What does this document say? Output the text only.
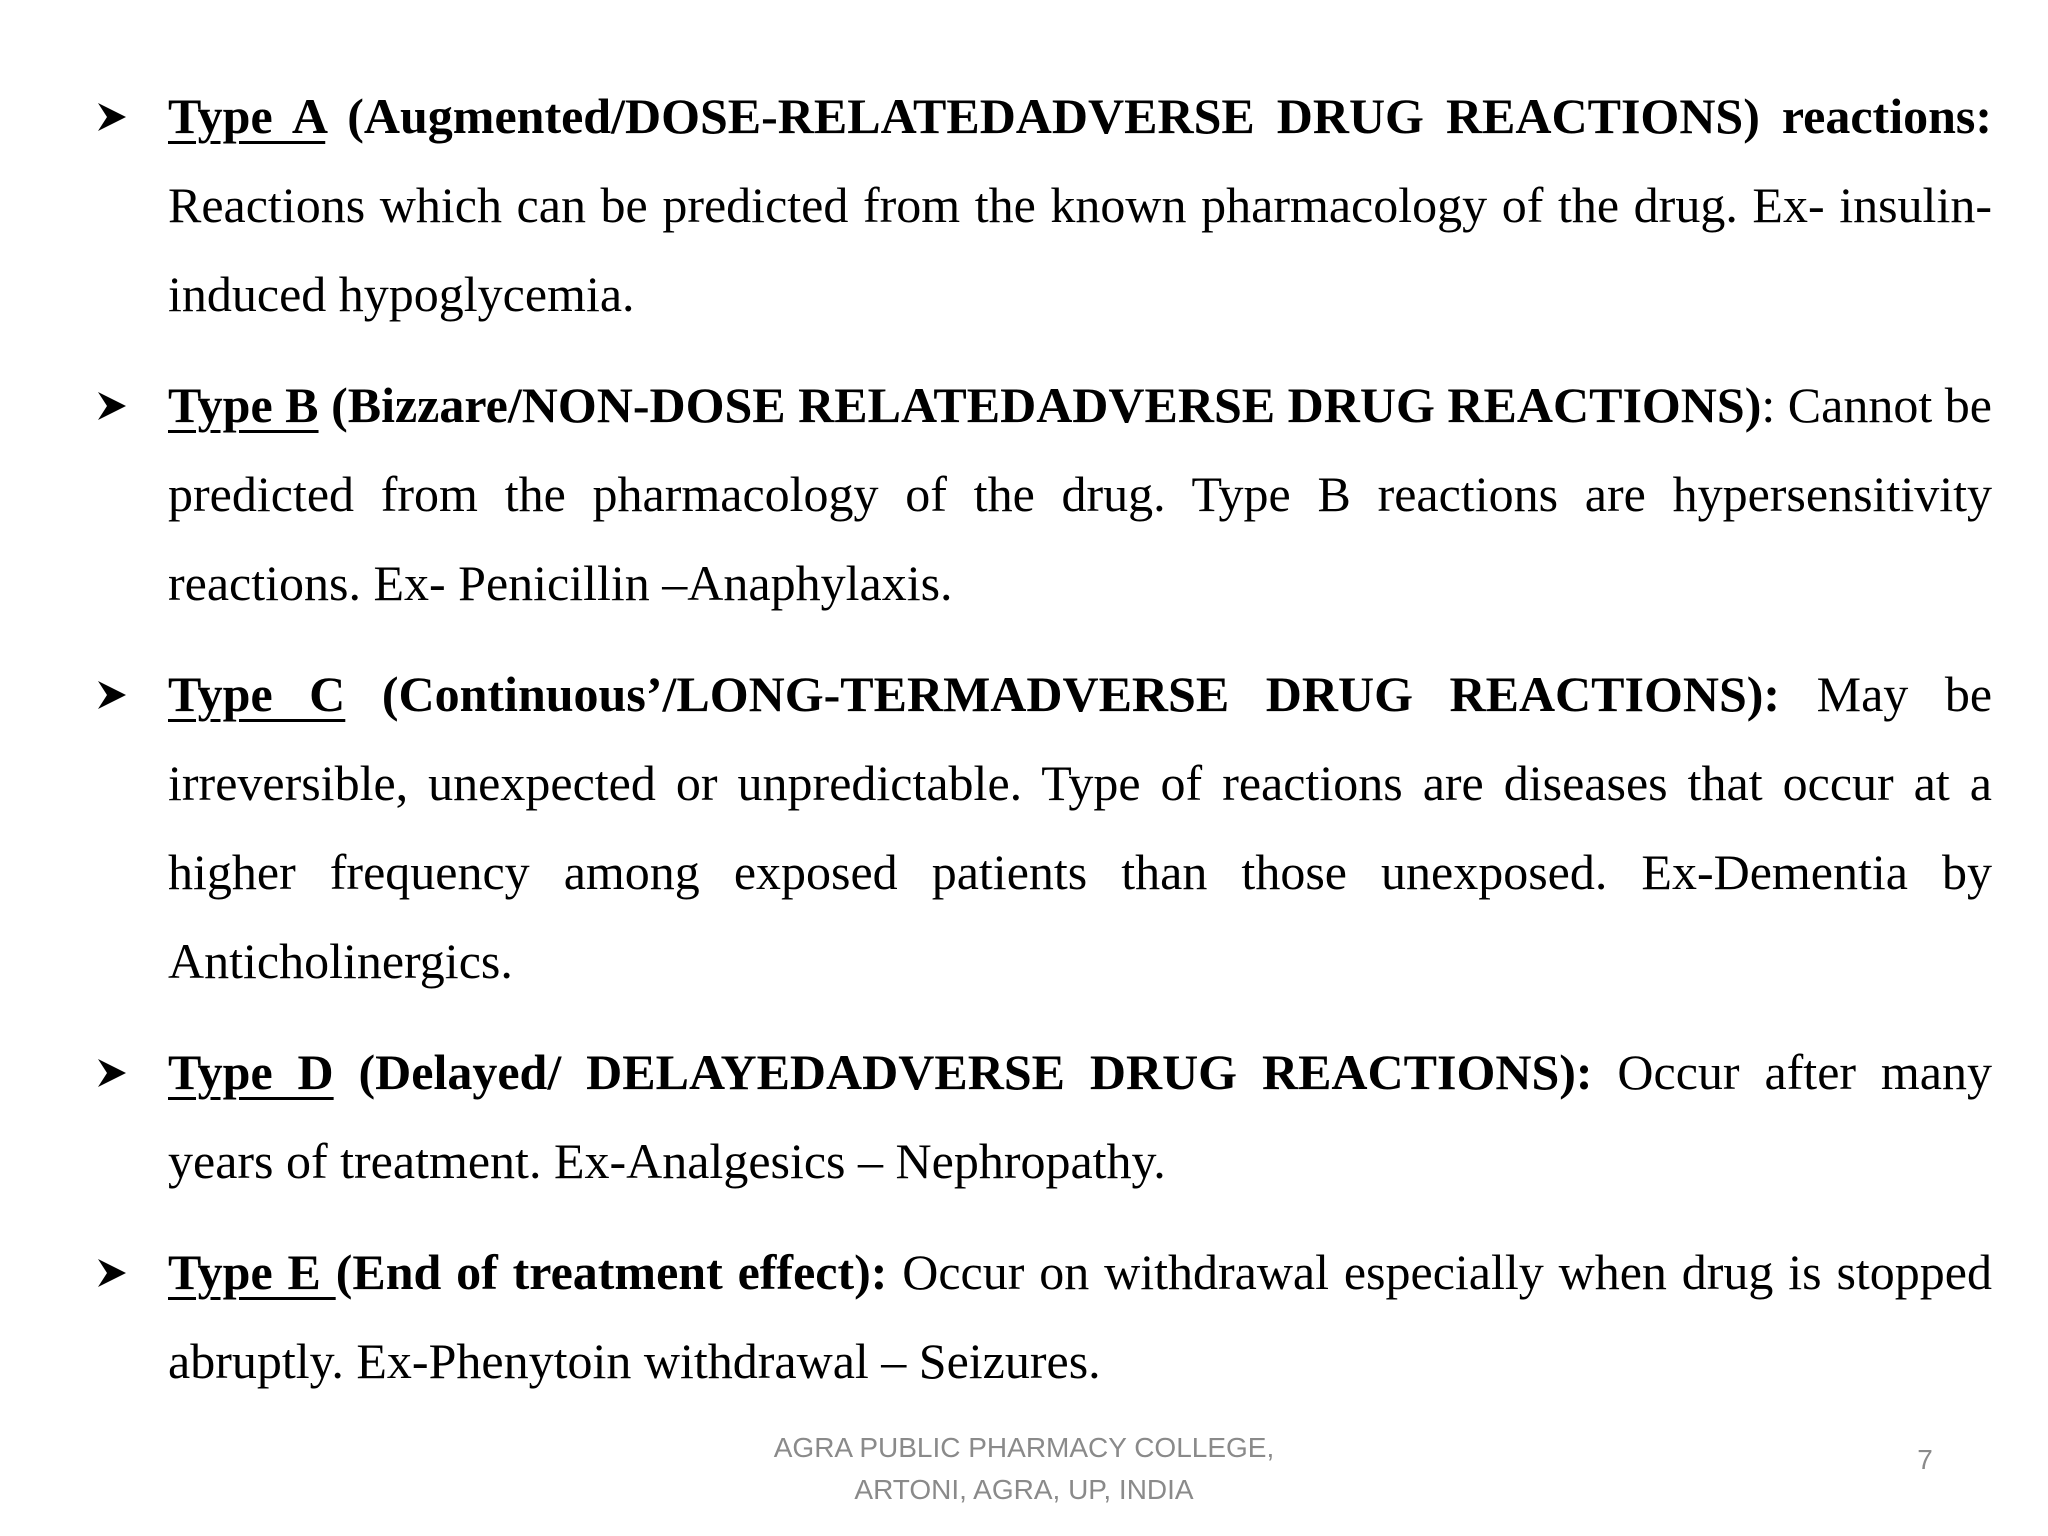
Type A (Augmented/DOSE-RELATEDADVERSE DRUG REACTIONS) reactions: Reactions which can be predicted from the known pharmacology of the drug. Ex- insulin-induced hypoglycemia.
Type B (Bizzare/NON-DOSE RELATEDADVERSE DRUG REACTIONS): Cannot be predicted from the pharmacology of the drug. Type B reactions are hypersensitivity reactions. Ex- Penicillin –Anaphylaxis.
Type C (Continuous’/LONG-TERMADVERSE DRUG REACTIONS): May be irreversible, unexpected or unpredictable. Type of reactions are diseases that occur at a higher frequency among exposed patients than those unexposed. Ex-Dementia by Anticholinergics.
Type D (Delayed/ DELAYEDADVERSE DRUG REACTIONS): Occur after many years of treatment. Ex-Analgesics – Nephropathy.
Type E (End of treatment effect): Occur on withdrawal especially when drug is stopped abruptly. Ex-Phenytoin withdrawal – Seizures.
AGRA PUBLIC PHARMACY COLLEGE,
ARTONI, AGRA, UP, INDIA
7
